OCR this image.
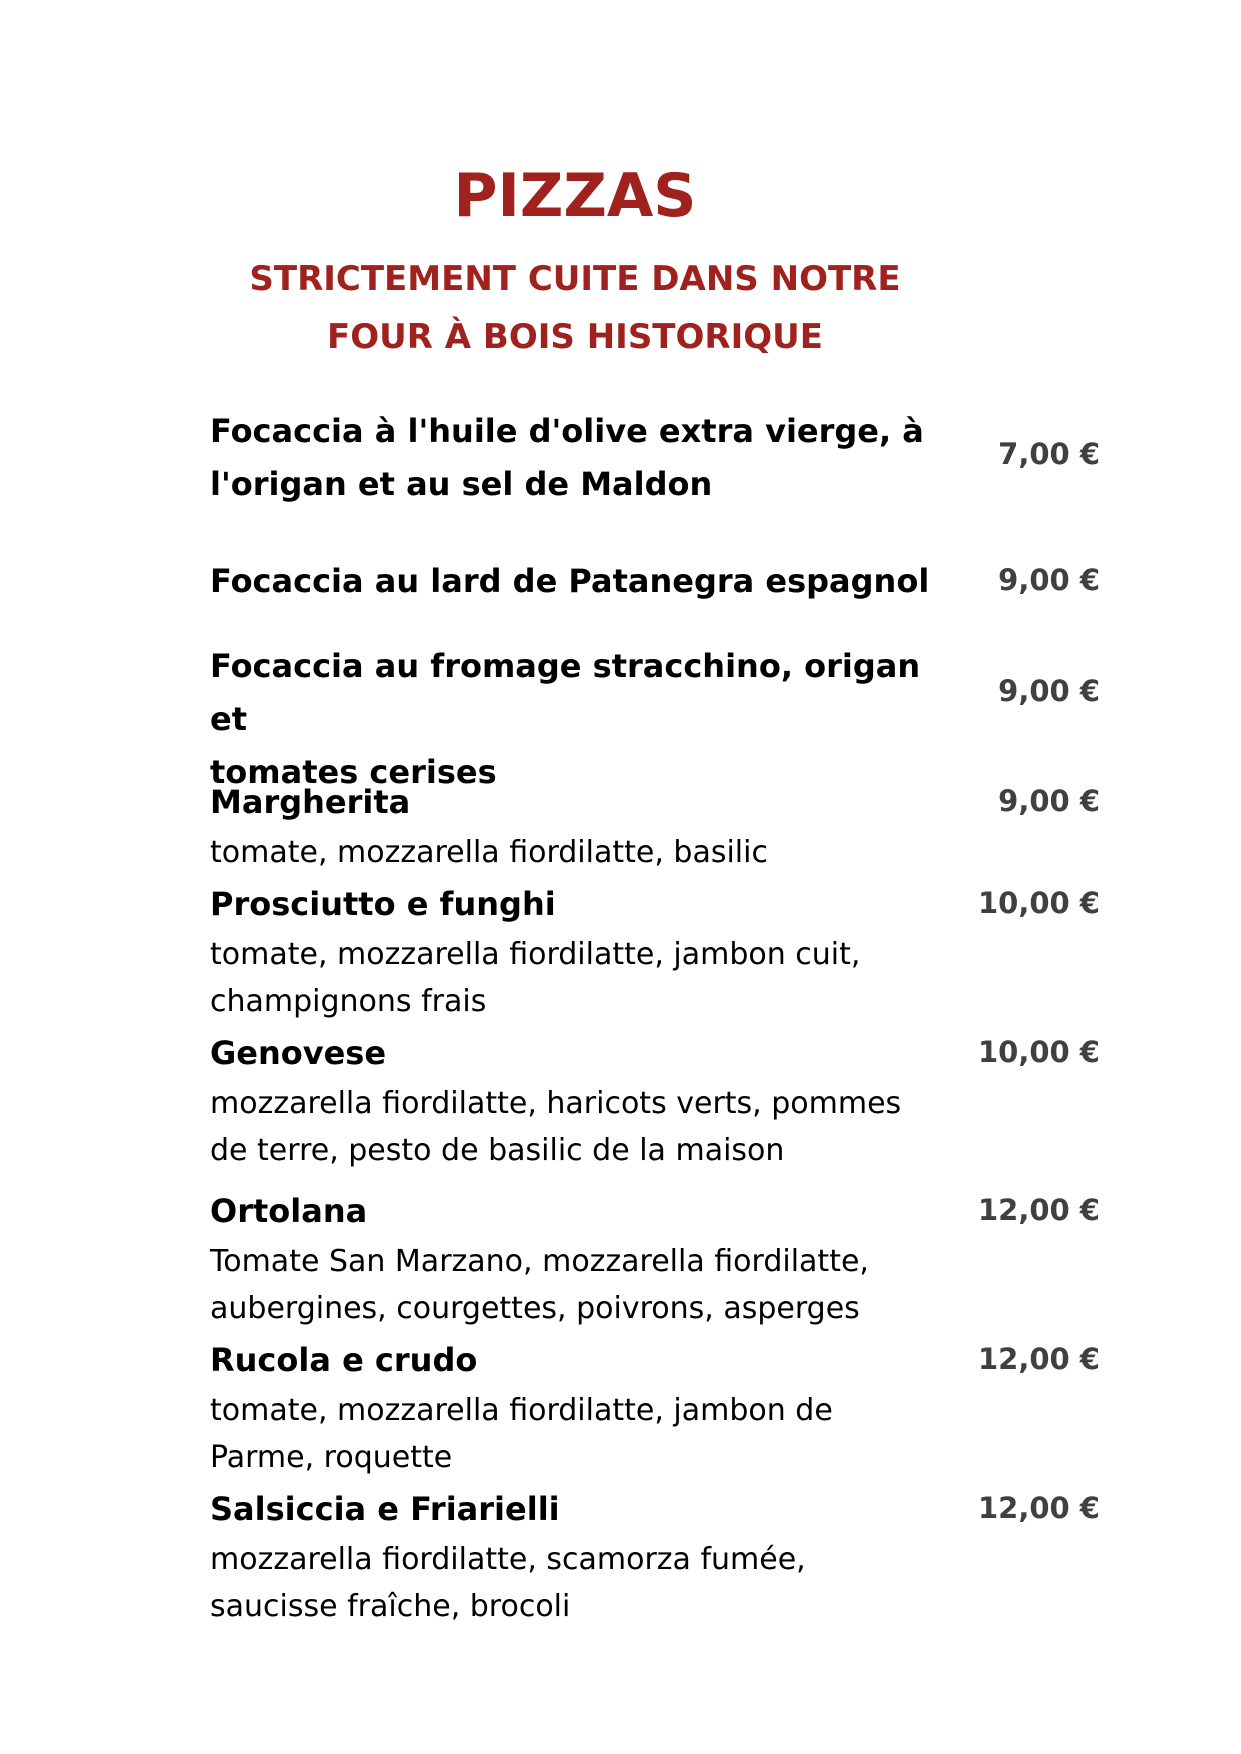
PIZZAS
STRICTEMENT CUITE DANS NOTRE
FOUR À BOIS HISTORIQUE

Focaccia à l'huile d'olive extra vierge, à
l'origan et au sel de Maldon

7,00 €

Focaccia au lard de Patanegra espagnol	9,00 €

Focaccia au fromage stracchino, origan et
tomates cerises

9,00 €

Margherita

tomate, mozzarella fiordilatte, basilic

9,00 €

Prosciutto e funghi

tomate, mozzarella fiordilatte, jambon cuit,
champignons frais

10,00 €

Genovese

mozzarella fiordilatte, haricots verts, pommes
de terre, pesto de basilic de la maison

10,00 €

Ortolana

Tomate San Marzano, mozzarella fiordilatte,
aubergines, courgettes, poivrons, asperges

12,00 €

Rucola e crudo

tomate, mozzarella fiordilatte, jambon de
Parme, roquette

12,00 €

Salsiccia e Friarielli

mozzarella fiordilatte, scamorza fumée,
saucisse fraîche, brocoli

12,00 €
